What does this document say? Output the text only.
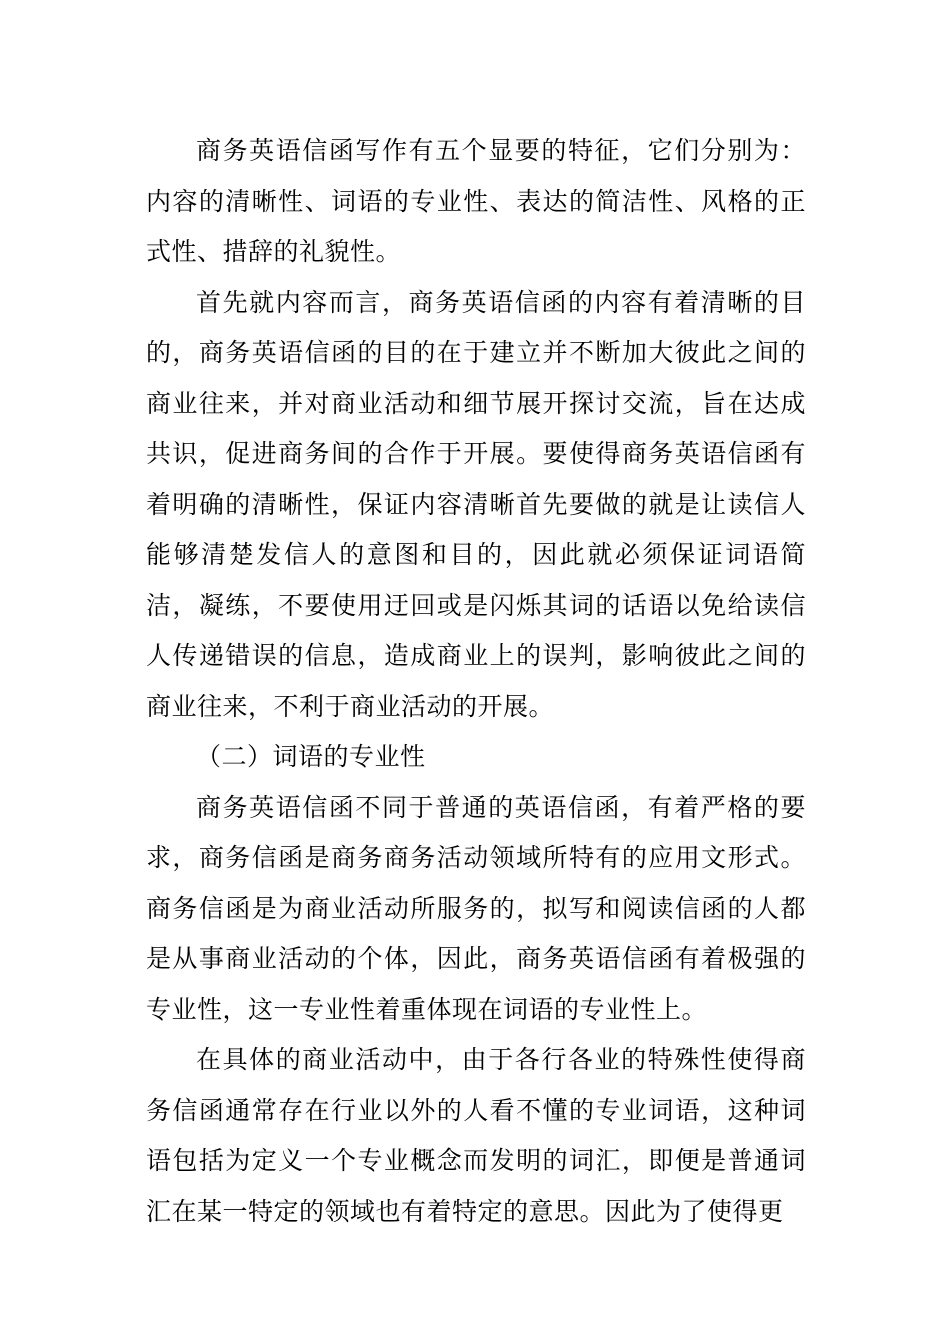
商务英语信函写作有五个显要的特征，它们分别为：内容的清晰性、词语的专业性、表达的简洁性、风格的正式性、措辞的礼貌性。

首先就内容而言，商务英语信函的内容有着清晰的目的，商务英语信函的目的在于建立并不断加大彼此之间的商业往来，并对商业活动和细节展开探讨交流，旨在达成共识，促进商务间的合作于开展。要使得商务英语信函有着明确的清晰性，保证内容清晰首先要做的就是让读信人能够清楚发信人的意图和目的，因此就必须保证词语简洁，凝练，不要使用迂回或是闪烁其词的话语以免给读信人传递错误的信息，造成商业上的误判，影响彼此之间的商业往来，不利于商业活动的开展。

（二）词语的专业性

商务英语信函不同于普通的英语信函，有着严格的要求，商务信函是商务商务活动领域所特有的应用文形式。商务信函是为商业活动所服务的，拟写和阅读信函的人都是从事商业活动的个体，因此，商务英语信函有着极强的专业性，这一专业性着重体现在词语的专业性上。

在具体的商业活动中，由于各行各业的特殊性使得商务信函通常存在行业以外的人看不懂的专业词语，这种词语包括为定义一个专业概念而发明的词汇，即便是普通词汇在某一特定的领域也有着特定的意思。因此为了使得更
